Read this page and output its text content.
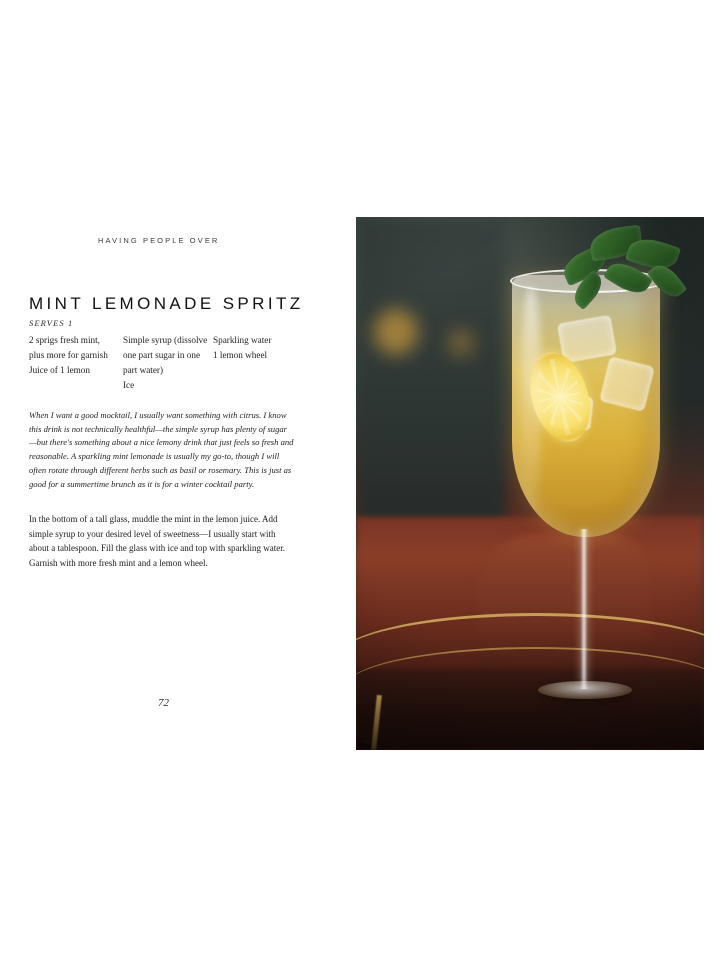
HAVING PEOPLE OVER
MINT LEMONADE SPRITZ
SERVES 1

2 sprigs fresh mint,

plus more for garnish

Juice of 1 lemon

Simple syrup (dissolve

one part sugar in one

part water)

Ice

Sparkling water

1 lemon wheel

When I want a good mocktail, I usually want something with citrus. I know this drink is not technically healthful—the simple syrup has plenty of sugar—but there's something about a nice lemony drink that just feels so fresh and reasonable. A sparkling mint lemonade is usually my go-to, though I will often rotate through different herbs such as basil or rosemary. This is just as good for a summertime brunch as it is for a winter cocktail party.

In the bottom of a tall glass, muddle the mint in the lemon juice. Add simple syrup to your desired level of sweetness—I usually start with about a tablespoon. Fill the glass with ice and top with sparkling water. Garnish with more fresh mint and a lemon wheel.

72
